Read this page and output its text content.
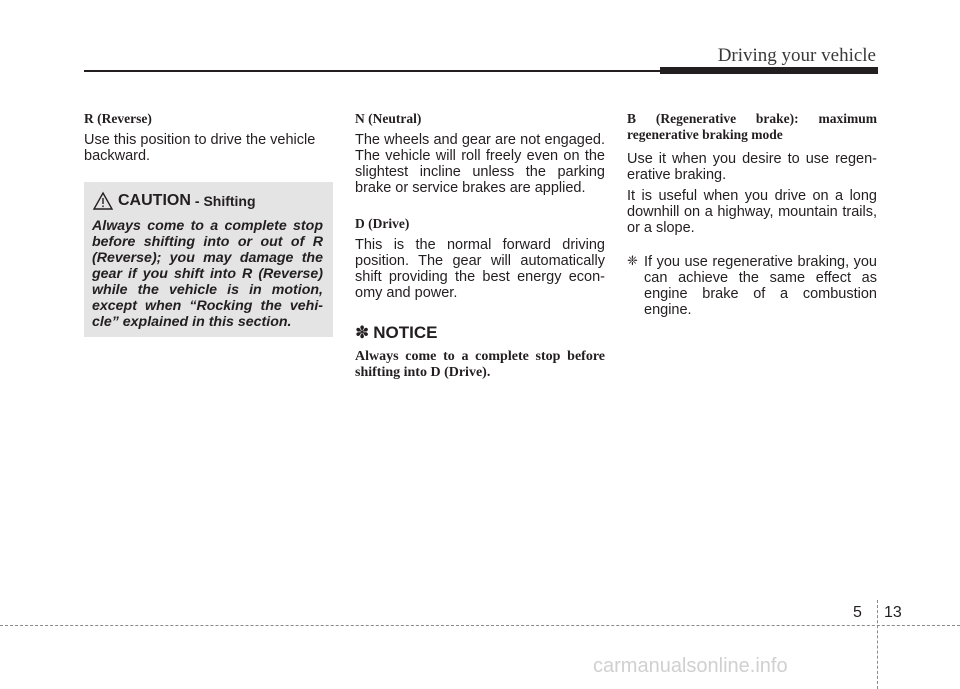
Driving your vehicle
R (Reverse)
Use this position to drive the vehicle backward.
CAUTION - Shifting
Always come to a complete stop before shifting into or out of R (Reverse); you may damage the gear if you shift into R (Reverse) while the vehicle is in motion, except when “Rocking the vehi-cle” explained in this section.
N (Neutral)
The wheels and gear are not engaged. The vehicle will roll freely even on the slightest incline unless the parking brake or service brakes are applied.
D (Drive)
This is the normal forward driving position. The gear will automatically shift providing the best energy econ-omy and power.
✽ NOTICE
Always come to a complete stop before shifting into D (Drive).
B (Regenerative brake): maximum regenerative braking mode
Use it when you desire to use regen-erative braking.
It is useful when you drive on a long downhill on a highway, mountain trails, or a slope.
❈ If you use regenerative braking, you can achieve the same effect as engine brake of a combustion engine.
5 13
carmanualsonline.info
